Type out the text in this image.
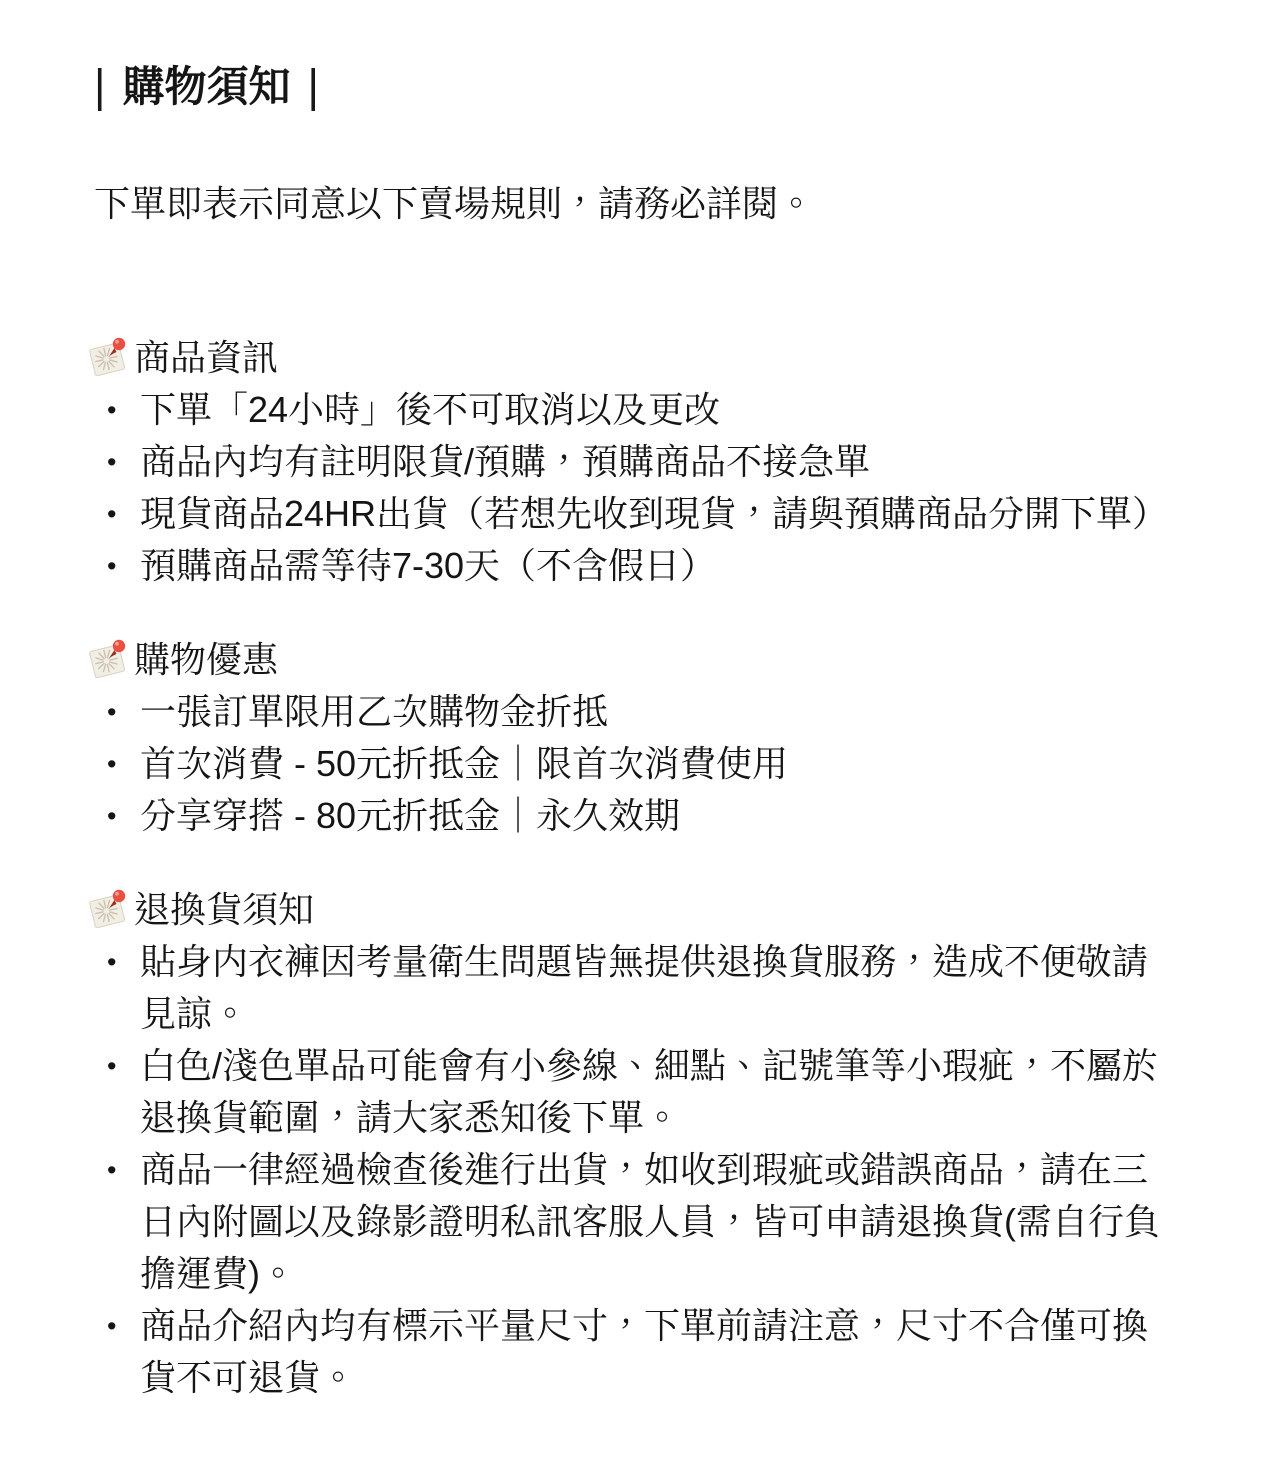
| 購物須知 |

下單即表示同意以下賣場規則，請務必詳閱。

商品資訊
• 下單「24小時」後不可取消以及更改
• 商品內均有註明限貨/預購，預購商品不接急單
• 現貨商品24HR出貨（若想先收到現貨，請與預購商品分開下單）
• 預購商品需等待7-30天（不含假日）
購物優惠
• 一張訂單限用乙次購物金折抵
• 首次消費 - 50元折抵金｜限首次消費使用
• 分享穿搭 - 80元折抵金｜永久效期
退換貨須知
• 貼身内衣褲因考量衛生問題皆無提供退換貨服務，造成不便敬請見諒。
• 白色/淺色單品可能會有小參線、細點、記號筆等小瑕疵，不屬於退換貨範圍，請大家悉知後下單。
• 商品一律經過檢查後進行出貨，如收到瑕疵或錯誤商品，請在三日內附圖以及錄影證明私訊客服人員，皆可申請退換貨(需自行負擔運費)。
• 商品介紹內均有標示平量尺寸，下單前請注意，尺寸不合僅可換貨不可退貨。
